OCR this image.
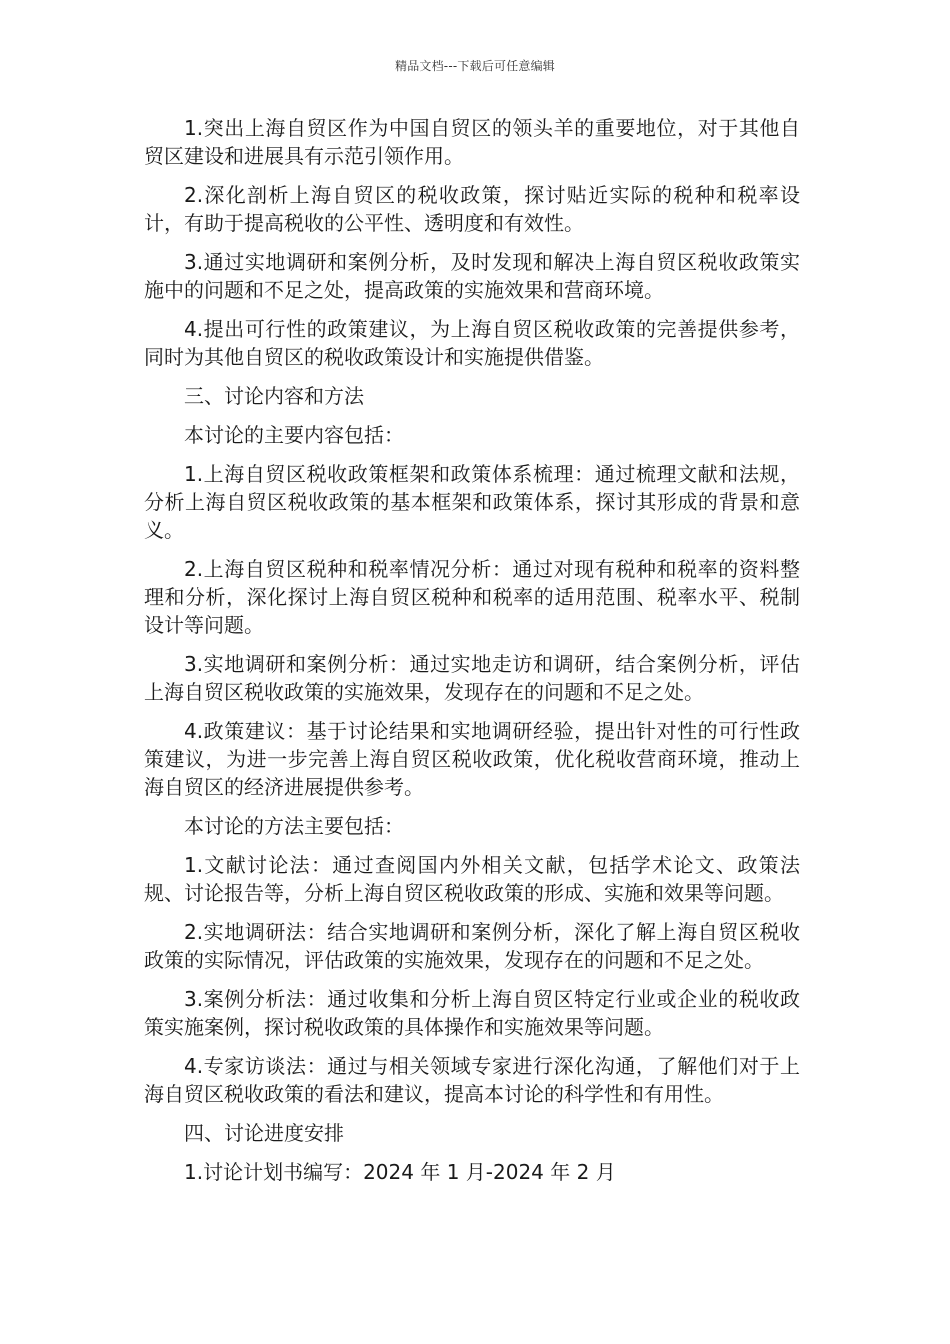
精品文档---下载后可任意编辑

1.突出上海自贸区作为中国自贸区的领头羊的重要地位，对于其他自贸区建设和进展具有示范引领作用。

2.深化剖析上海自贸区的税收政策，探讨贴近实际的税种和税率设计，有助于提高税收的公平性、透明度和有效性。

3.通过实地调研和案例分析，及时发现和解决上海自贸区税收政策实施中的问题和不足之处，提高政策的实施效果和营商环境。

4.提出可行性的政策建议，为上海自贸区税收政策的完善提供参考，同时为其他自贸区的税收政策设计和实施提供借鉴。

三、讨论内容和方法

本讨论的主要内容包括：

1.上海自贸区税收政策框架和政策体系梳理：通过梳理文献和法规，分析上海自贸区税收政策的基本框架和政策体系，探讨其形成的背景和意义。

2.上海自贸区税种和税率情况分析：通过对现有税种和税率的资料整理和分析，深化探讨上海自贸区税种和税率的适用范围、税率水平、税制设计等问题。

3.实地调研和案例分析：通过实地走访和调研，结合案例分析，评估上海自贸区税收政策的实施效果，发现存在的问题和不足之处。

4.政策建议：基于讨论结果和实地调研经验，提出针对性的可行性政策建议，为进一步完善上海自贸区税收政策，优化税收营商环境，推动上海自贸区的经济进展提供参考。

本讨论的方法主要包括：

1.文献讨论法：通过查阅国内外相关文献，包括学术论文、政策法规、讨论报告等，分析上海自贸区税收政策的形成、实施和效果等问题。

2.实地调研法：结合实地调研和案例分析，深化了解上海自贸区税收政策的实际情况，评估政策的实施效果，发现存在的问题和不足之处。

3.案例分析法：通过收集和分析上海自贸区特定行业或企业的税收政策实施案例，探讨税收政策的具体操作和实施效果等问题。

4.专家访谈法：通过与相关领域专家进行深化沟通，了解他们对于上海自贸区税收政策的看法和建议，提高本讨论的科学性和有用性。

四、讨论进度安排

1.讨论计划书编写：2024 年 1 月-2024 年 2 月
